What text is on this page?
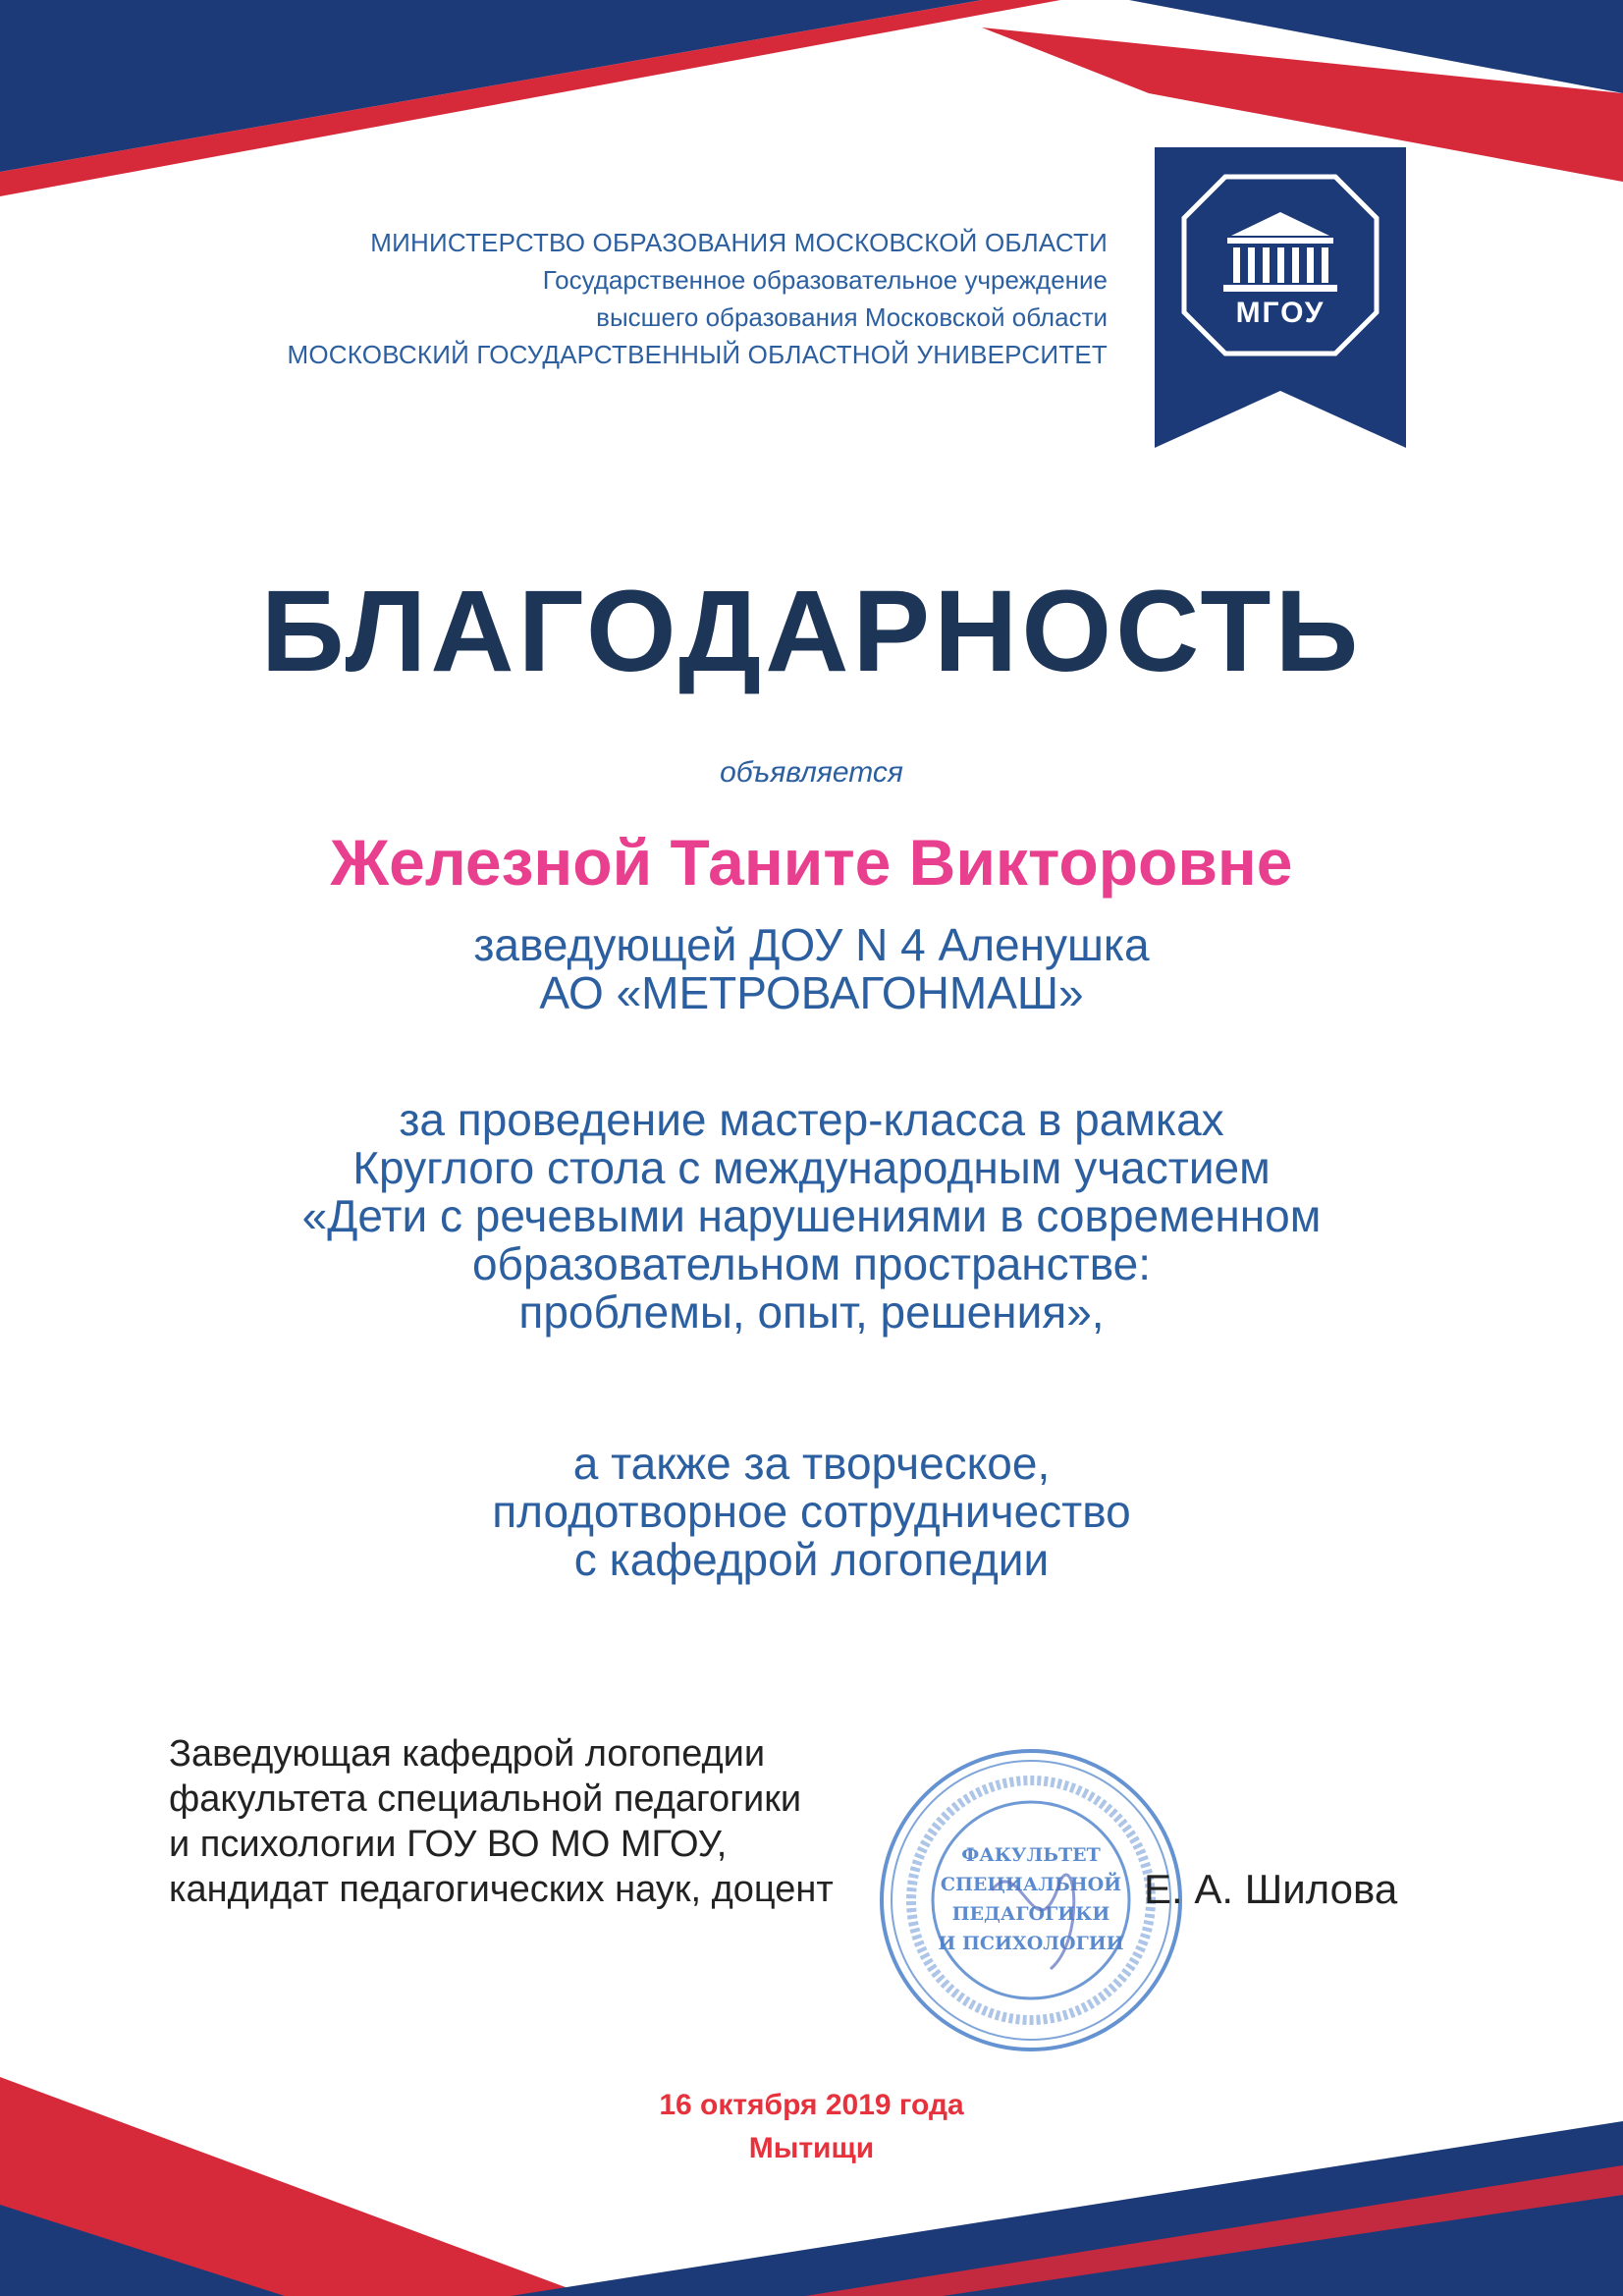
МИНИСТЕРСТВО ОБРАЗОВАНИЯ МОСКОВСКОЙ ОБЛАСТИ
Государственное образовательное учреждение
высшего образования Московской области
МОСКОВСКИЙ ГОСУДАРСТВЕННЫЙ ОБЛАСТНОЙ УНИВЕРСИТЕТ
МГОУ
БЛАГОДАРНОСТЬ
объявляется
Железной Таните Викторовне
заведующей ДОУ N 4 Аленушка
АО «МЕТРОВАГОНМАШ»
за проведение мастер-класса в рамках
Круглого стола с международным участием
«Дети с речевыми нарушениями в современном
образовательном пространстве:
проблемы, опыт, решения»,
а также за творческое,
плодотворное сотрудничество
с кафедрой логопедии
ФАКУЛЬТЕТ
СПЕЦИАЛЬНОЙ
ПЕДАГОГИКИ
И ПСИХОЛОГИИ
Заведующая кафедрой логопедии
факультета специальной педагогики
и психологии ГОУ ВО МО МГОУ,
кандидат педагогических наук, доцент	Е. А. Шилова
16 октября 2019 года
Мытищи
